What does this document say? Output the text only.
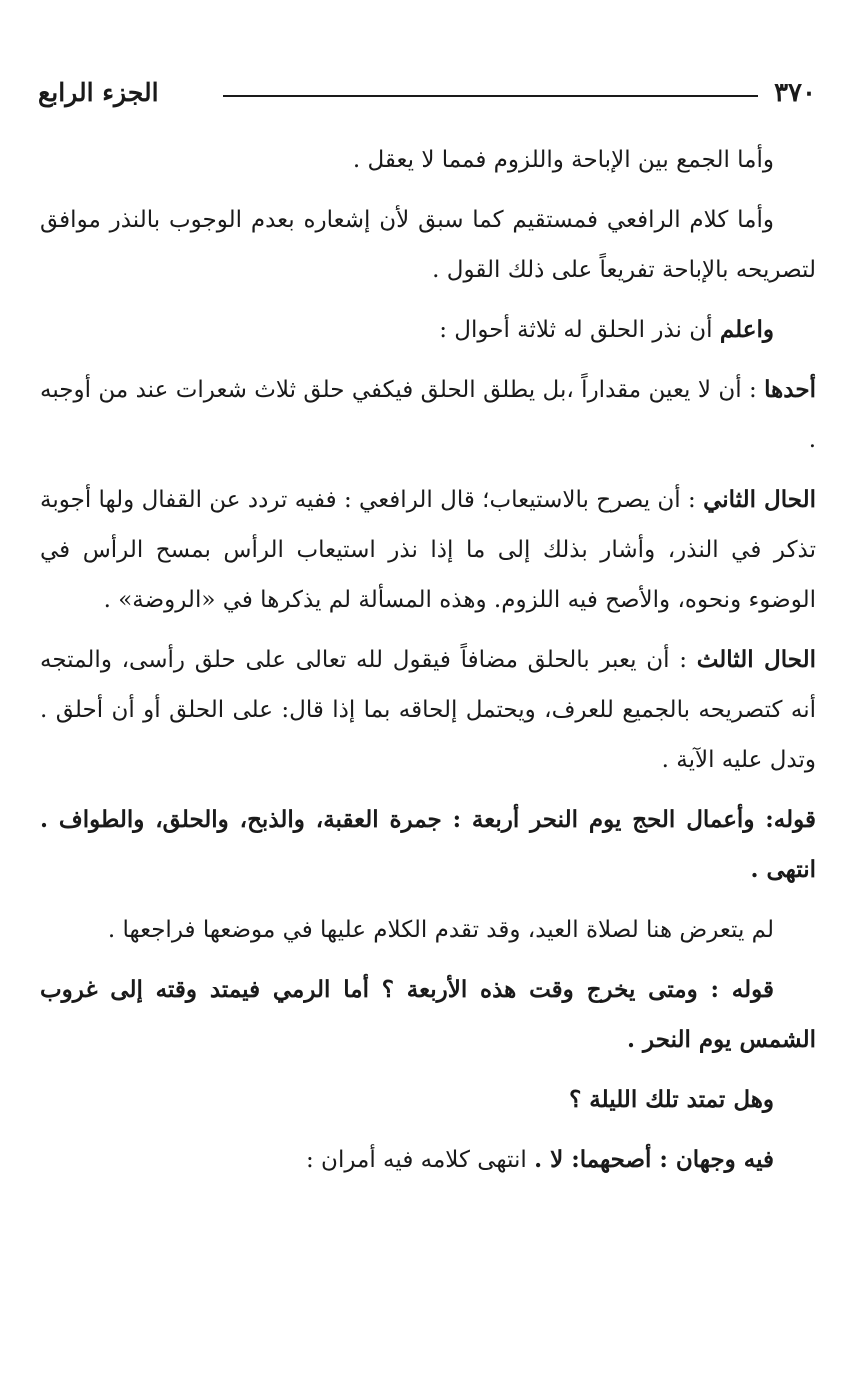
٣٧٠
الجزء الرابع

وأما الجمع بين الإباحة واللزوم فمما لا يعقل .

وأما كلام الرافعي فمستقيم كما سبق لأن إشعاره بعدم الوجوب بالنذر موافق لتصريحه بالإباحة تفريعاً على ذلك القول .

واعلم أن نذر الحلق له ثلاثة أحوال :

أحدها : أن لا يعين مقداراً ،بل يطلق الحلق فيكفي حلق ثلاث شعرات عند من أوجبه .

الحال الثاني : أن يصرح بالاستيعاب؛ قال الرافعي : ففيه تردد عن القفال ولها أجوبة تذكر في النذر، وأشار بذلك إلى ما إذا نذر استيعاب الرأس بمسح الرأس في الوضوء ونحوه، والأصح فيه اللزوم. وهذه المسألة لم يذكرها في «الروضة» .

الحال الثالث : أن يعبر بالحلق مضافاً فيقول لله تعالى على حلق رأسى، والمتجه أنه كتصريحه بالجميع للعرف، ويحتمل إلحاقه بما إذا قال: على الحلق أو أن أحلق . وتدل عليه الآية .

قوله: وأعمال الحج يوم النحر أربعة : جمرة العقبة، والذبح، والحلق، والطواف . انتهى .

لم يتعرض هنا لصلاة العيد، وقد تقدم الكلام عليها في موضعها فراجعها .

قوله : ومتى يخرج وقت هذه الأربعة ؟ أما الرمي فيمتد وقته إلى غروب الشمس يوم النحر .

وهل تمتد تلك الليلة ؟

فيه وجهان : أصحهما: لا . انتهى كلامه فيه أمران :
